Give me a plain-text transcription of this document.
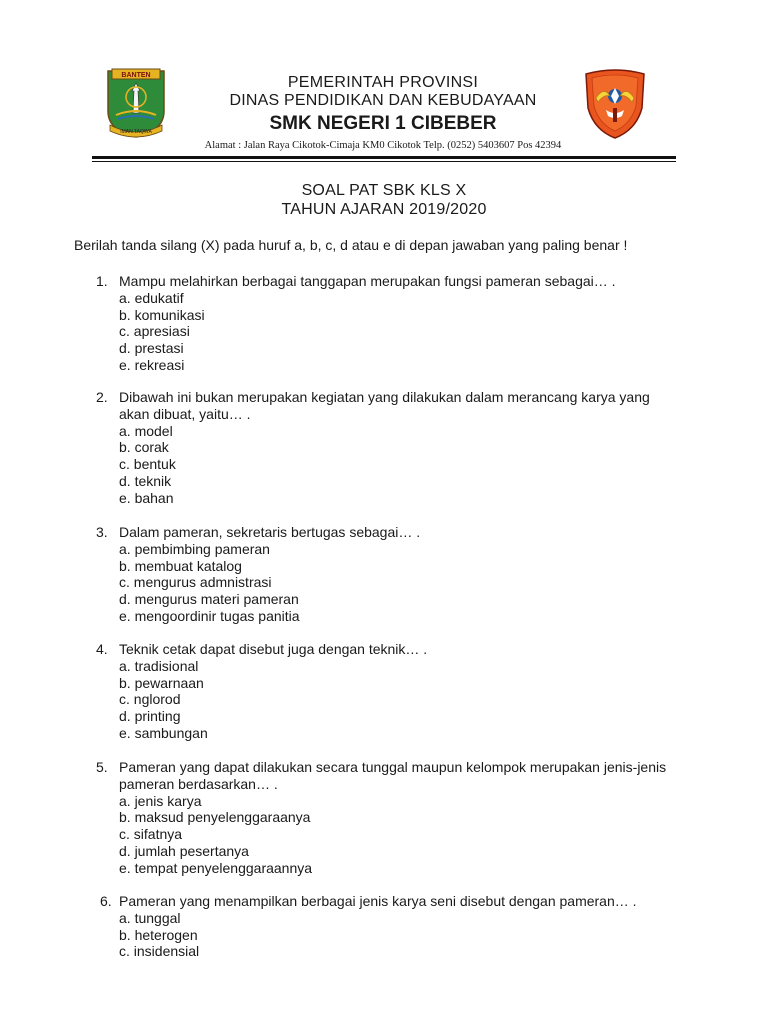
BANTEN
IMAN TAQWA
PEMERINTAH PROVINSI
DINAS PENDIDIKAN DAN KEBUDAYAAN
SMK NEGERI 1 CIBEBER
Alamat : Jalan Raya Cikotok-Cimaja KM0 Cikotok Telp. (0252) 5403607 Pos 42394
SOAL PAT SBK KLS X
TAHUN AJARAN 2019/2020
Berilah tanda silang (X) pada huruf a, b, c, d atau e di depan jawaban yang paling benar !
1. Mampu melahirkan berbagai tanggapan merupakan fungsi pameran sebagai… .
a. edukatif
b. komunikasi
c. apresiasi
d. prestasi
e. rekreasi
2. Dibawah ini bukan merupakan kegiatan yang dilakukan dalam merancang karya yang akan dibuat, yaitu… .
a. model
b. corak
c. bentuk
d. teknik
e. bahan
3. Dalam pameran, sekretaris bertugas sebagai… .
a. pembimbing pameran
b. membuat katalog
c. mengurus admnistrasi
d. mengurus materi pameran
e. mengoordinir tugas panitia
4. Teknik cetak dapat disebut juga dengan teknik… .
a. tradisional
b. pewarnaan
c. nglorod
d. printing
e. sambungan
5. Pameran yang dapat dilakukan secara tunggal maupun kelompok merupakan jenis-jenis pameran berdasarkan… .
a. jenis karya
b. maksud penyelenggaraanya
c. sifatnya
d. jumlah pesertanya
e. tempat penyelenggaraannya
6. Pameran yang menampilkan berbagai jenis karya seni disebut dengan pameran… .
a. tunggal
b. heterogen
c. insidensial
